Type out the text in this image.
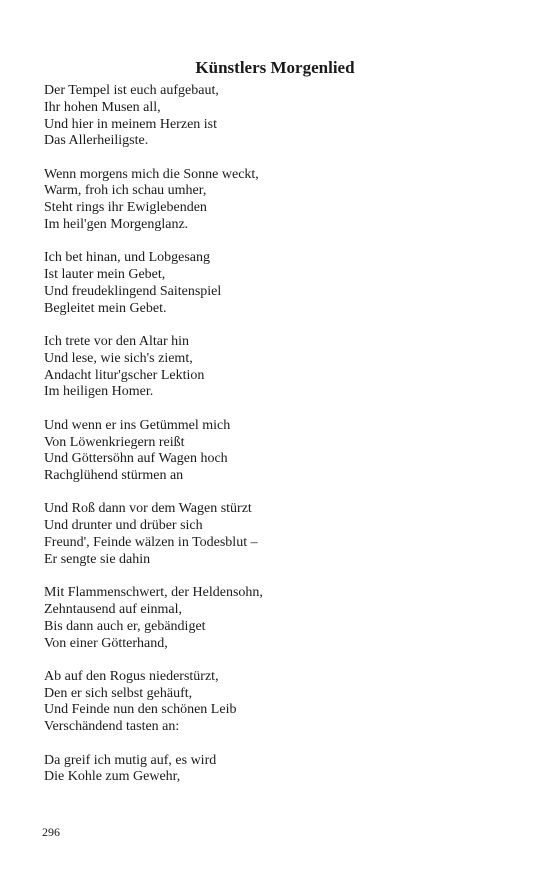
Künstlers Morgenlied
Der Tempel ist euch aufgebaut,
Ihr hohen Musen all,
Und hier in meinem Herzen ist
Das Allerheiligste.
Wenn morgens mich die Sonne weckt,
Warm, froh ich schau umher,
Steht rings ihr Ewiglebenden
Im heil'gen Morgenglanz.
Ich bet hinan, und Lobgesang
Ist lauter mein Gebet,
Und freudeklingend Saitenspiel
Begleitet mein Gebet.
Ich trete vor den Altar hin
Und lese, wie sich's ziemt,
Andacht litur'gscher Lektion
Im heiligen Homer.
Und wenn er ins Getümmel mich
Von Löwenkriegern reißt
Und Göttersöhn auf Wagen hoch
Rachglühend stürmen an
Und Roß dann vor dem Wagen stürzt
Und drunter und drüber sich
Freund', Feinde wälzen in Todesblut –
Er sengte sie dahin
Mit Flammenschwert, der Heldensohn,
Zehntausend auf einmal,
Bis dann auch er, gebändiget
Von einer Götterhand,
Ab auf den Rogus niederstürzt,
Den er sich selbst gehäuft,
Und Feinde nun den schönen Leib
Verschändend tasten an:
Da greif ich mutig auf, es wird
Die Kohle zum Gewehr,
296
